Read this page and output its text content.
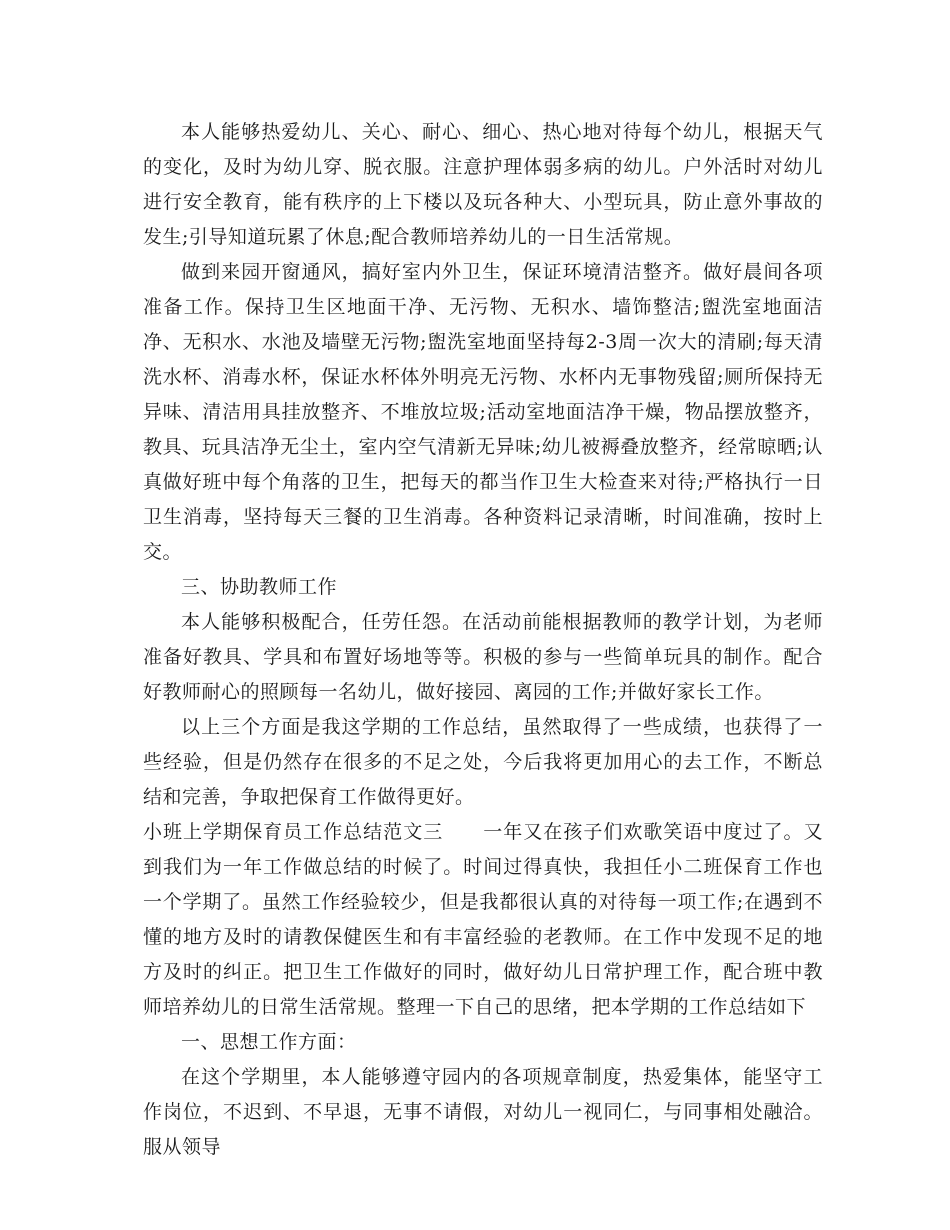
本人能够热爱幼儿、关心、耐心、细心、热心地对待每个幼儿，根据天气的变化，及时为幼儿穿、脱衣服。注意护理体弱多病的幼儿。户外活时对幼儿进行安全教育，能有秩序的上下楼以及玩各种大、小型玩具，防止意外事故的发生;引导知道玩累了休息;配合教师培养幼儿的一日生活常规。

做到来园开窗通风，搞好室内外卫生，保证环境清洁整齐。做好晨间各项准备工作。保持卫生区地面干净、无污物、无积水、墙饰整洁;盥洗室地面洁净、无积水、水池及墙壁无污物;盥洗室地面坚持每2-3周一次大的清刷;每天清洗水杯、消毒水杯，保证水杯体外明亮无污物、水杯内无事物残留;厕所保持无异味、清洁用具挂放整齐、不堆放垃圾;活动室地面洁净干燥，物品摆放整齐，教具、玩具洁净无尘土，室内空气清新无异味;幼儿被褥叠放整齐，经常晾晒;认真做好班中每个角落的卫生，把每天的都当作卫生大检查来对待;严格执行一日卫生消毒，坚持每天三餐的卫生消毒。各种资料记录清晰，时间准确，按时上交。

三、协助教师工作

本人能够积极配合，任劳任怨。在活动前能根据教师的教学计划，为老师准备好教具、学具和布置好场地等等。积极的参与一些简单玩具的制作。配合好教师耐心的照顾每一名幼儿，做好接园、离园的工作;并做好家长工作。

以上三个方面是我这学期的工作总结，虽然取得了一些成绩，也获得了一些经验，但是仍然存在很多的不足之处，今后我将更加用心的去工作，不断总结和完善，争取把保育工作做得更好。

小班上学期保育员工作总结范文三　　一年又在孩子们欢歌笑语中度过了。又到我们为一年工作做总结的时候了。时间过得真快，我担任小二班保育工作也一个学期了。虽然工作经验较少，但是我都很认真的对待每一项工作;在遇到不懂的地方及时的请教保健医生和有丰富经验的老教师。在工作中发现不足的地方及时的纠正。把卫生工作做好的同时，做好幼儿日常护理工作，配合班中教师培养幼儿的日常生活常规。整理一下自己的思绪，把本学期的工作总结如下

一、思想工作方面：

在这个学期里，本人能够遵守园内的各项规章制度，热爱集体，能坚守工作岗位，不迟到、不早退，无事不请假，对幼儿一视同仁，与同事相处融洽。服从领导
